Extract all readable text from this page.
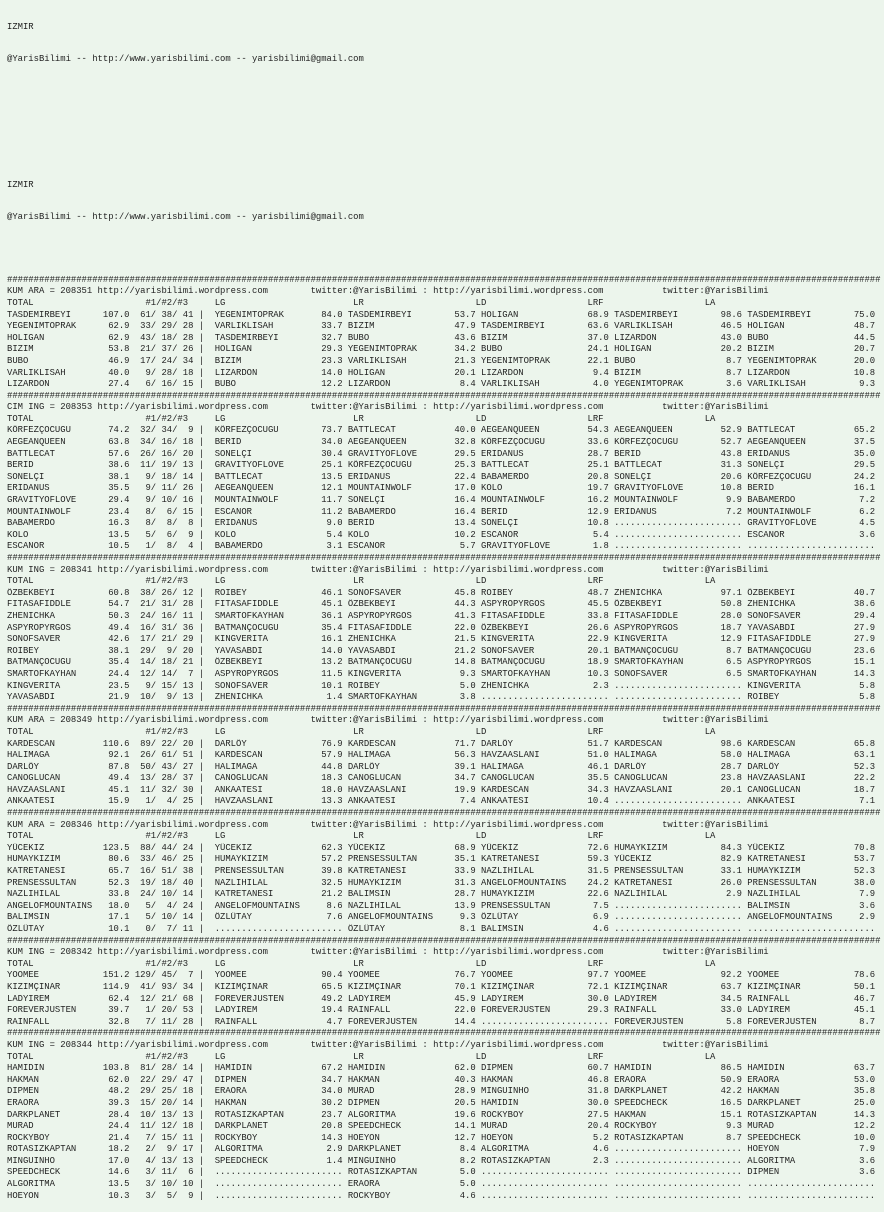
IZMIR

@YarisBilimi -- http://www.yarisbilimi.com -- yarisbilimi@gmail.com

IZMIR

@YarisBilimi -- http://www.yarisbilimi.com -- yarisbilimi@gmail.com

####################################################################################################################################################################
KUM ARA = 208351 http://yarisbilimi.wordpress.com        twitter:@YarisBilimi : http://yarisbilimi.wordpress.com           twitter:@YarisBilimi
TOTAL                     #1/#2/#3     LG                        LR                     LD                   LRF                   LA
TASDEMIRBEYI      107.0  61/ 38/ 41 |  YEGENIMTOPRAK       84.0 TASDEMIRBEYI        53.7 HOLIGAN             68.9 TASDEMIRBEYI        98.6 TASDEMIRBEYI        75.0
YEGENIMTOPRAK      62.9  33/ 29/ 28 |  VARLIKLISAH         33.7 BIZIM               47.9 TASDEMIRBEYI        63.6 VARLIKLISAH         46.5 HOLIGAN             48.7
HOLIGAN            62.9  43/ 18/ 28 |  TASDEMIRBEYI        32.7 BUBO                43.6 BIZIM               37.0 LIZARDON            43.0 BUBO                44.5
BIZIM              53.8  21/ 37/ 26 |  HOLIGAN             29.3 YEGENIMTOPRAK       34.2 BUBO                24.1 HOLIGAN             20.2 BIZIM               20.7
BUBO               46.9  17/ 24/ 34 |  BIZIM               23.3 VARLIKLISAH         21.3 YEGENIMTOPRAK       22.1 BUBO                 8.7 YEGENIMTOPRAK       20.0
VARLIKLISAH        40.0   9/ 28/ 18 |  LIZARDON            14.0 HOLIGAN             20.1 LIZARDON             9.4 BIZIM                8.7 LIZARDON            10.8
LIZARDON           27.4   6/ 16/ 15 |  BUBO                12.2 LIZARDON             8.4 VARLIKLISAH          4.0 YEGENIMTOPRAK        3.6 VARLIKLISAH          9.3
####################################################################################################################################################################
CIM ING = 208353 http://yarisbilimi.wordpress.com        twitter:@YarisBilimi : http://yarisbilimi.wordpress.com           twitter:@YarisBilimi
TOTAL                     #1/#2/#3     LG                        LR                     LD                   LRF                   LA
KÖRFEZÇOCUGU       74.2  32/ 34/  9 |  KÖRFEZÇOCUGU        73.7 BATTLECAT           40.0 AEGEANQUEEN         54.3 AEGEANQUEEN         52.9 BATTLECAT           65.2
AEGEANQUEEN        63.8  34/ 16/ 18 |  BERID               34.0 AEGEANQUEEN         32.8 KÖRFEZÇOCUGU        33.6 KÖRFEZÇOCUGU        52.7 AEGEANQUEEN         37.5
BATTLECAT          57.6  26/ 16/ 20 |  SONELÇI             30.4 GRAVITYOFLOVE       29.5 ERIDANUS            28.7 BERID               43.8 ERIDANUS            35.0
BERID              38.6  11/ 19/ 13 |  GRAVITYOFLOVE       25.1 KÖRFEZÇOCUGU        25.3 BATTLECAT           25.1 BATTLECAT           31.3 SONELÇI             29.5
SONELÇI            38.1   9/ 18/ 14 |  BATTLECAT           13.5 ERIDANUS            22.4 BABAMERDO           20.8 SONELÇI             20.6 KÖRFEZÇOCUGU        24.2
ERIDANUS           35.5   9/ 11/ 26 |  AEGEANQUEEN         12.1 MOUNTAINWOLF        17.0 KOLO                19.7 GRAVITYOFLOVE       10.8 BERID               16.1
GRAVITYOFLOVE      29.4   9/ 10/ 16 |  MOUNTAINWOLF        11.7 SONELÇI             16.4 MOUNTAINWOLF        16.2 MOUNTAINWOLF         9.9 BABAMERDO            7.2
MOUNTAINWOLF       23.4   8/  6/ 15 |  ESCANOR             11.2 BABAMERDO           16.4 BERID               12.9 ERIDANUS             7.2 MOUNTAINWOLF         6.2
BABAMERDO          16.3   8/  8/  8 |  ERIDANUS             9.0 BERID               13.4 SONELÇI             10.8 ........................ GRAVITYOFLOVE        4.5
KOLO               13.5   5/  6/  9 |  KOLO                 5.4 KOLO                10.2 ESCANOR              5.4 ........................ ESCANOR              3.6
ESCANOR            10.5   1/  8/  4 |  BABAMERDO            3.1 ESCANOR              5.7 GRAVITYOFLOVE        1.8 ........................ ........................
####################################################################################################################################################################
KUM ING = 208341 http://yarisbilimi.wordpress.com        twitter:@YarisBilimi : http://yarisbilimi.wordpress.com           twitter:@YarisBilimi
TOTAL                     #1/#2/#3     LG                        LR                     LD                   LRF                   LA
ÖZBEKBEYI          60.8  38/ 26/ 12 |  ROIBEY              46.1 SONOFSAVER          45.8 ROIBEY              48.7 ZHENICHKA           97.1 ÖZBEKBEYI           40.7
FITASAFIDDLE       54.7  21/ 31/ 28 |  FITASAFIDDLE        45.1 ÖZBEKBEYI           44.3 ASPYROPYRGOS        45.5 ÖZBEKBEYI           50.8 ZHENICHKA           38.6
ZHENICHKA          50.3  24/ 16/ 11 |  SMARTOFKAYHAN       36.1 ASPYROPYRGOS        41.3 FITASAFIDDLE        33.8 FITASAFIDDLE        28.0 SONOFSAVER          29.4
ASPYROPYRGOS       49.4  16/ 31/ 36 |  BATMANÇOCUGU        35.4 FITASAFIDDLE        22.0 ÖZBEKBEYI           26.6 ASPYROPYRGOS        18.7 YAVASABDI           27.9
SONOFSAVER         42.6  17/ 21/ 29 |  KINGVERITA          16.1 ZHENICHKA           21.5 KINGVERITA          22.9 KINGVERITA          12.9 FITASAFIDDLE        27.9
ROIBEY             38.1  29/  9/ 20 |  YAVASABDI           14.0 YAVASABDI           21.2 SONOFSAVER          20.1 BATMANÇOCUGU         8.7 BATMANÇOCUGU        23.6
BATMANÇOCUGU       35.4  14/ 18/ 21 |  ÖZBEKBEYI           13.2 BATMANÇOCUGU        14.8 BATMANÇOCUGU        18.9 SMARTOFKAYHAN        6.5 ASPYROPYRGOS        15.1
SMARTOFKAYHAN      24.4  12/ 14/  7 |  ASPYROPYRGOS        11.5 KINGVERITA           9.3 SMARTOFKAYHAN       10.3 SONOFSAVER           6.5 SMARTOFKAYHAN       14.3
KINGVERITA         23.5   9/ 15/ 13 |  SONOFSAVER          10.1 ROIBEY               5.0 ZHENICHKA            2.3 ........................ KINGVERITA           5.8
YAVASABDI          21.9  10/  9/ 13 |  ZHENICHKA            1.4 SMARTOFKAYHAN        3.8 ........................ ........................ ROIBEY               5.8
####################################################################################################################################################################
KUM ARA = 208349 http://yarisbilimi.wordpress.com        twitter:@YarisBilimi : http://yarisbilimi.wordpress.com           twitter:@YarisBilimi
TOTAL                     #1/#2/#3     LG                        LR                     LD                   LRF                   LA
KARDESCAN         110.6  89/ 22/ 20 |  DARLÖY              76.9 KARDESCAN           71.7 DARLÖY              51.7 KARDESCAN           98.6 KARDESCAN           65.8
HALIMAGA           92.1  26/ 61/ 51 |  KARDESCAN           57.9 HALIMAGA            56.3 HAVZAASLANI         51.0 HALIMAGA            58.0 HALIMAGA            63.1
DARLÖY             87.8  50/ 43/ 27 |  HALIMAGA            44.8 DARLÖY              39.1 HALIMAGA            46.1 DARLÖY              28.7 DARLÖY              52.3
CANOGLUCAN         49.4  13/ 28/ 37 |  CANOGLUCAN          18.3 CANOGLUCAN          34.7 CANOGLUCAN          35.5 CANOGLUCAN          23.8 HAVZAASLANI         22.2
HAVZAASLANI        45.1  11/ 32/ 30 |  ANKAATESI           18.0 HAVZAASLANI         19.9 KARDESCAN           34.3 HAVZAASLANI         20.1 CANOGLUCAN          18.7
ANKAATESI          15.9   1/  4/ 25 |  HAVZAASLANI         13.3 ANKAATESI            7.4 ANKAATESI           10.4 ........................ ANKAATESI            7.1
####################################################################################################################################################################
KUM ARA = 208346 http://yarisbilimi.wordpress.com        twitter:@YarisBilimi : http://yarisbilimi.wordpress.com           twitter:@YarisBilimi
TOTAL                     #1/#2/#3     LG                        LR                     LD                   LRF                   LA
YÜCEKIZ           123.5  88/ 44/ 24 |  YÜCEKIZ             62.3 YÜCEKIZ             68.9 YÜCEKIZ             72.6 HUMAYKIZIM          84.3 YÜCEKIZ             70.8
HUMAYKIZIM         80.6  33/ 46/ 25 |  HUMAYKIZIM          57.2 PRENSESSULTAN       35.1 KATRETANESI         59.3 YÜCEKIZ             82.9 KATRETANESI         53.7
KATRETANESI        65.7  16/ 51/ 38 |  PRENSESSULTAN       39.8 KATRETANESI         33.9 NAZLIHILAL          31.5 PRENSESSULTAN       33.1 HUMAYKIZIM          52.3
PRENSESSULTAN      52.3  19/ 18/ 40 |  NAZLIHILAL          32.5 HUMAYKIZIM          31.3 ANGELOFMOUNTAINS    24.2 KATRETANESI         26.0 PRENSESSULTAN       38.0
NAZLIHILAL         33.8  24/ 10/ 14 |  KATRETANESI         21.2 BALIMSIN            28.7 HUMAYKIZIM          22.6 NAZLIHILAL           2.9 NAZLIHILAL           7.9
ANGELOFMOUNTAINS   18.0   5/  4/ 24 |  ANGELOFMOUNTAINS     8.6 NAZLIHILAL          13.9 PRENSESSULTAN        7.5 ........................ BALIMSIN             3.6
BALIMSIN           17.1   5/ 10/ 14 |  ÖZLÜTAY              7.6 ANGELOFMOUNTAINS     9.3 ÖZLÜTAY              6.9 ........................ ANGELOFMOUNTAINS     2.9
ÖZLÜTAY            10.1   0/  7/ 11 |  ........................ ÖZLÜTAY              8.1 BALIMSIN             4.6 ........................ ........................
####################################################################################################################################################################
KUM ING = 208342 http://yarisbilimi.wordpress.com        twitter:@YarisBilimi : http://yarisbilimi.wordpress.com           twitter:@YarisBilimi
TOTAL                     #1/#2/#3     LG                        LR                     LD                   LRF                   LA
YOOMEE            151.2 129/ 45/  7 |  YOOMEE              90.4 YOOMEE              76.7 YOOMEE              97.7 YOOMEE              92.2 YOOMEE              78.6
KIZIMÇINAR        114.9  41/ 93/ 34 |  KIZIMÇINAR          65.5 KIZIMÇINAR          70.1 KIZIMÇINAR          72.1 KIZIMÇINAR          63.7 KIZIMÇINAR          50.1
LADYIREM           62.4  12/ 21/ 68 |  FOREVERJUSTEN       49.2 LADYIREM            45.9 LADYIREM            30.0 LADYIREM            34.5 RAINFALL            46.7
FOREVERJUSTEN      39.7   1/ 20/ 53 |  LADYIREM            19.4 RAINFALL            22.0 FOREVERJUSTEN       29.3 RAINFALL            33.0 LADYIREM            45.1
RAINFALL           32.8   7/ 11/ 28 |  RAINFALL             4.7 FOREVERJUSTEN       14.4 ........................ FOREVERJUSTEN        5.8 FOREVERJUSTEN        8.7
####################################################################################################################################################################
KUM ING = 208344 http://yarisbilimi.wordpress.com        twitter:@YarisBilimi : http://yarisbilimi.wordpress.com           twitter:@YarisBilimi
TOTAL                     #1/#2/#3     LG                        LR                     LD                   LRF                   LA
HAMIDIN           103.8  81/ 28/ 14 |  HAMIDIN             67.2 HAMIDIN             62.0 DIPMEN              60.7 HAMIDIN             86.5 HAMIDIN             63.7
HAKMAN             62.0  22/ 29/ 47 |  DIPMEN              34.7 HAKMAN              40.3 HAKMAN              46.8 ERAORA              50.9 ERAORA              53.0
DIPMEN             48.2  29/ 25/ 18 |  ERAORA              34.0 MURAD               28.9 MINGUINHO           31.8 DARKPLANET          42.2 HAKMAN              35.8
ERAORA             39.3  15/ 20/ 14 |  HAKMAN              30.2 DIPMEN              20.5 HAMIDIN             30.0 SPEEDCHECK          16.5 DARKPLANET          25.0
DARKPLANET         28.4  10/ 13/ 13 |  ROTASIZKAPTAN       23.7 ALGORITMA           19.6 ROCKYBOY            27.5 HAKMAN              15.1 ROTASIZKAPTAN       14.3
MURAD              24.4  11/ 12/ 18 |  DARKPLANET          20.8 SPEEDCHECK          14.1 MURAD               20.4 ROCKYBOY             9.3 MURAD               12.2
ROCKYBOY           21.4   7/ 15/ 11 |  ROCKYBOY            14.3 HOEYON              12.7 HOEYON               5.2 ROTASIZKAPTAN        8.7 SPEEDCHECK          10.0
ROTASIZKAPTAN      18.2   2/  9/ 17 |  ALGORITMA            2.9 DARKPLANET           8.4 ALGORITMA            4.6 ........................ HOEYON               7.9
MINGUINHO          17.0   4/ 13/ 13 |  SPEEDCHECK           1.4 MINGUINHO            8.2 ROTASIZKAPTAN        2.3 ........................ ALGORITMA            3.6
SPEEDCHECK         14.6   3/ 11/  6 |  ........................ ROTASIZKAPTAN        5.0 ........................ ........................ DIPMEN               3.6
ALGORITMA          13.5   3/ 10/ 10 |  ........................ ERAORA               5.0 ........................ ........................ ........................
HOEYON             10.3   3/  5/  9 |  ........................ ROCKYBOY             4.6 ........................ ........................ ........................
